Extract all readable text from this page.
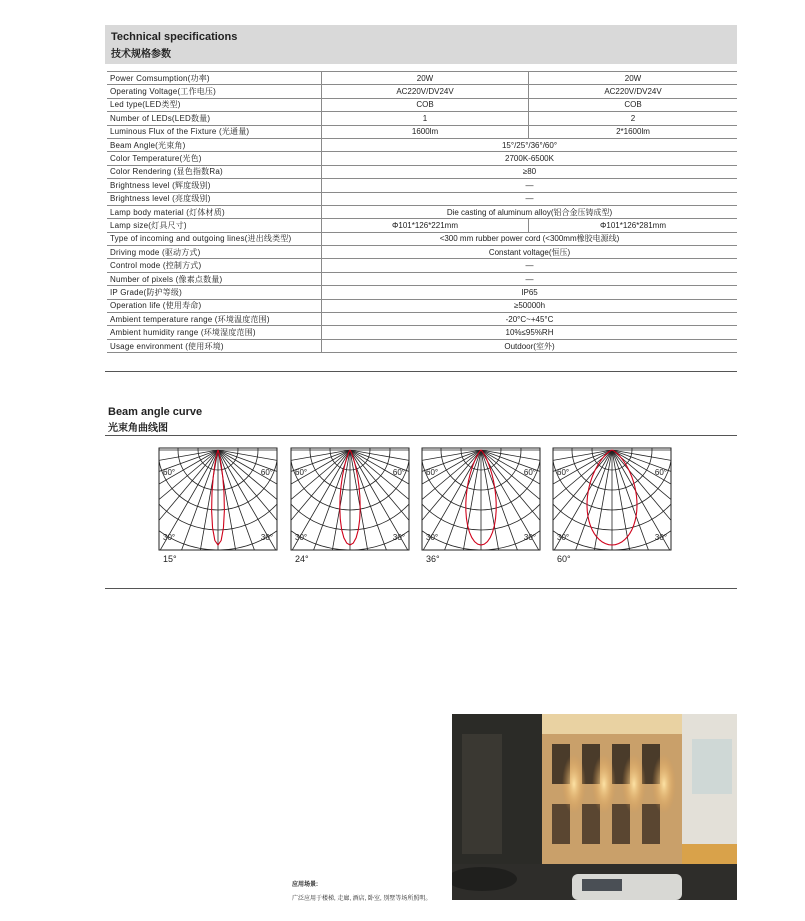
Technical specifications
技术规格参数
Power Comsumption(功率)	20W	20W
Operating Voltage(工作电压)	AC220V/DV24V	AC220V/DV24V
Led type(LED类型)	COB	COB
Number of LEDs(LED数量)	1	2
Luminous Flux of the Fixture (光通量)	1600lm	2*1600lm
Beam Angle(光束角)	15°/25°/36°/60°	
Color Temperature(光色)	2700K-6500K	
Color Rendering (显色指数Ra)	≥80	
Brightness level (辉度级别)	—	
Brightness level (亮度级别)	—	
Lamp body material (灯体材质)	Die casting of aluminum alloy(铝合金压铸成型)	
Lamp size(灯具尺寸)	Φ101*126*221mm	Φ101*126*281mm
Type of incoming and outgoing lines(进出线类型)	<300 mm rubber power cord (<300mm橡胶电源线)	
Driving mode (驱动方式)	Constant voltage(恒压)	
Control mode (控制方式)	—	
Number of pixels (像素点数量)	—	
IP Grade(防护等级)	IP65	
Operation life (使用寿命)	≥50000h	
Ambient temperature range (环境温度范围)	-20°C~+45°C	
Ambient humidity range (环境湿度范围)	10%≤95%RH	
Usage environment (使用环境)	Outdoor(室外)	
Beam angle curve
光束角曲线图
60°	60°
30°	30°
15°
60°	60°
30°	30°
24°
60°	60°
30°	30°
36°
60°	60°
30°	30°
60°
应用场景:
广泛应用于楼梯, 走廊, 酒店, 卧室, 别墅等场所照明。
